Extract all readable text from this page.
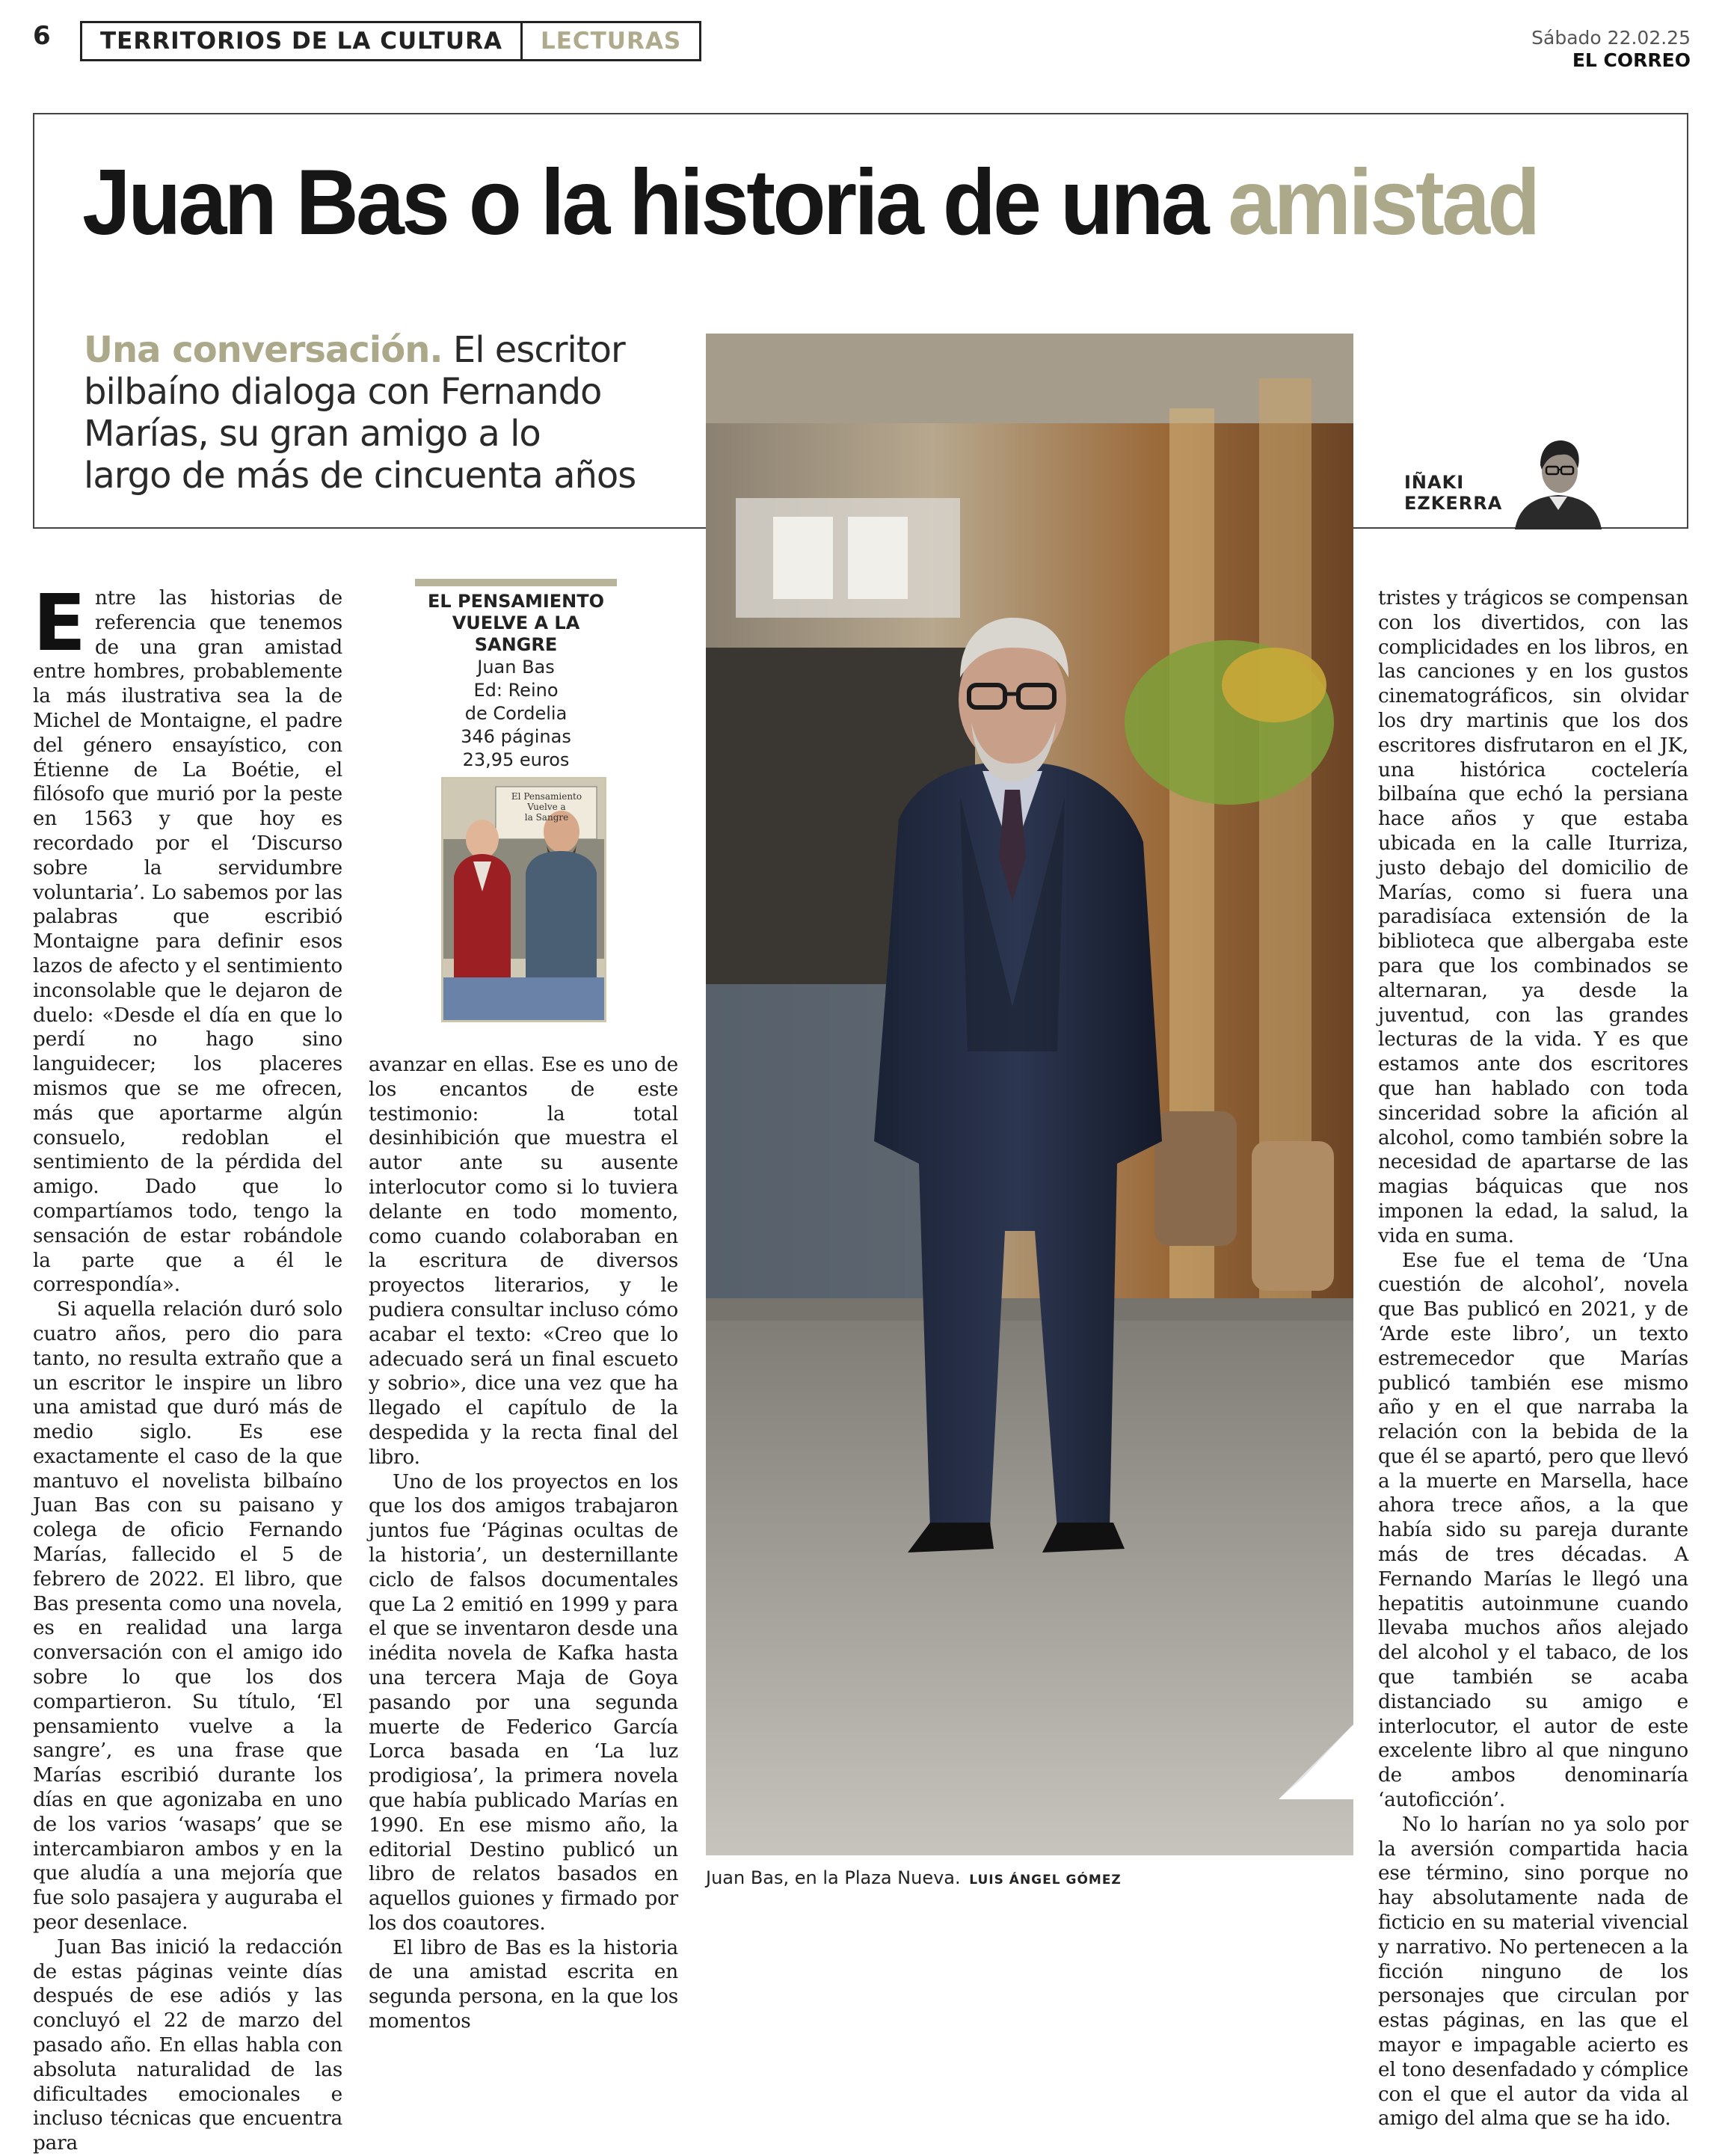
6	TERRITORIOS DE LA CULTURA	LECTURAS	Sábado 22.02.25
EL CORREO
Juan Bas o la historia de una amistad
Una conversación. El escritor bilbaíno dialoga con Fernando Marías, su gran amigo a lo largo de más de cincuenta años	IÑAKI
EZKERRA
Juan Bas, en la Plaza Nueva. LUIS ÁNGEL GÓMEZ
EL PENSAMIENTO
VUELVE A LA SANGRE
Juan Bas
Ed: Reino
de Cordelia
346 páginas
23,95 euros
El Pensamiento
Vuelve a
la Sangre

Entre las historias de referencia que tenemos de una gran amistad entre hombres, probablemente la más ilustrativa sea la de Michel de Montaigne, el padre del género ensayístico, con Étienne de La Boétie, el filósofo que murió por la peste en 1563 y que hoy es recordado por el ‘Discurso sobre la servidumbre voluntaria’. Lo sabemos por las palabras que escribió Montaigne para definir esos lazos de afecto y el sentimiento inconsolable que le dejaron de duelo: «Desde el día en que lo perdí no hago sino languidecer; los placeres mismos que se me ofrecen, más que aportarme algún consuelo, redoblan el sentimiento de la pérdida del amigo. Dado que lo compartíamos todo, tengo la sensación de estar robándole la parte que a él le correspondía».

Si aquella relación duró solo cuatro años, pero dio para tanto, no resulta extraño que a un escritor le inspire un libro una amistad que duró más de medio siglo. Es ese exactamente el caso de la que mantuvo el novelista bilbaíno Juan Bas con su paisano y colega de oficio Fernando Marías, fallecido el 5 de febrero de 2022. El libro, que Bas presenta como una novela, es en realidad una larga conversación con el amigo ido sobre lo que los dos compartieron. Su título, ‘El pensamiento vuelve a la sangre’, es una frase que Marías escribió durante los días en que agonizaba en uno de los varios ‘wasaps’ que se intercambiaron ambos y en la que aludía a una mejoría que fue solo pasajera y auguraba el peor desenlace.

Juan Bas inició la redacción de estas páginas veinte días después de ese adiós y las concluyó el 22 de marzo del pasado año. En ellas habla con absoluta naturalidad de las dificultades emocionales e incluso técnicas que encuentra para

avanzar en ellas. Ese es uno de los encantos de este testimonio: la total desinhibición que muestra el autor ante su ausente interlocutor como si lo tuviera delante en todo momento, como cuando colaboraban en la escritura de diversos proyectos literarios, y le pudiera consultar incluso cómo acabar el texto: «Creo que lo adecuado será un final escueto y sobrio», dice una vez que ha llegado el capítulo de la despedida y la recta final del libro.

Uno de los proyectos en los que los dos amigos trabajaron juntos fue ‘Páginas ocultas de la historia’, un desternillante ciclo de falsos documentales que La 2 emitió en 1999 y para el que se inventaron desde una inédita novela de Kafka hasta una tercera Maja de Goya pasando por una segunda muerte de Federico García Lorca basada en ‘La luz prodigiosa’, la primera novela que había publicado Marías en 1990. En ese mismo año, la editorial Destino publicó un libro de relatos basados en aquellos guiones y firmado por los dos coautores.

El libro de Bas es la historia de una amistad escrita en segunda persona, en la que los momentos

tristes y trágicos se compensan con los divertidos, con las complicidades en los libros, en las canciones y en los gustos cinematográficos, sin olvidar los dry martinis que los dos escritores disfrutaron en el JK, una histórica coctelería bilbaína que echó la persiana hace años y que estaba ubicada en la calle Iturriza, justo debajo del domicilio de Marías, como si fuera una paradisíaca extensión de la biblioteca que albergaba este para que los combinados se alternaran, ya desde la juventud, con las grandes lecturas de la vida. Y es que estamos ante dos escritores que han hablado con toda sinceridad sobre la afición al alcohol, como también sobre la necesidad de apartarse de las magias báquicas que nos imponen la edad, la salud, la vida en suma.

Ese fue el tema de ‘Una cuestión de alcohol’, novela que Bas publicó en 2021, y de ‘Arde este libro’, un texto estremecedor que Marías publicó también ese mismo año y en el que narraba la relación con la bebida de la que él se apartó, pero que llevó a la muerte en Marsella, hace ahora trece años, a la que había sido su pareja durante más de tres décadas. A Fernando Marías le llegó una hepatitis autoinmune cuando llevaba muchos años alejado del alcohol y el tabaco, de los que también se acaba distanciado su amigo e interlocutor, el autor de este excelente libro al que ninguno de ambos denominaría ‘autoficción’.

No lo harían no ya solo por la aversión compartida hacia ese término, sino porque no hay absolutamente nada de ficticio en su material vivencial y narrativo. No pertenecen a la ficción ninguno de los personajes que circulan por estas páginas, en las que el mayor e impagable acierto es el tono desenfadado y cómplice con el que el autor da vida al amigo del alma que se ha ido.
